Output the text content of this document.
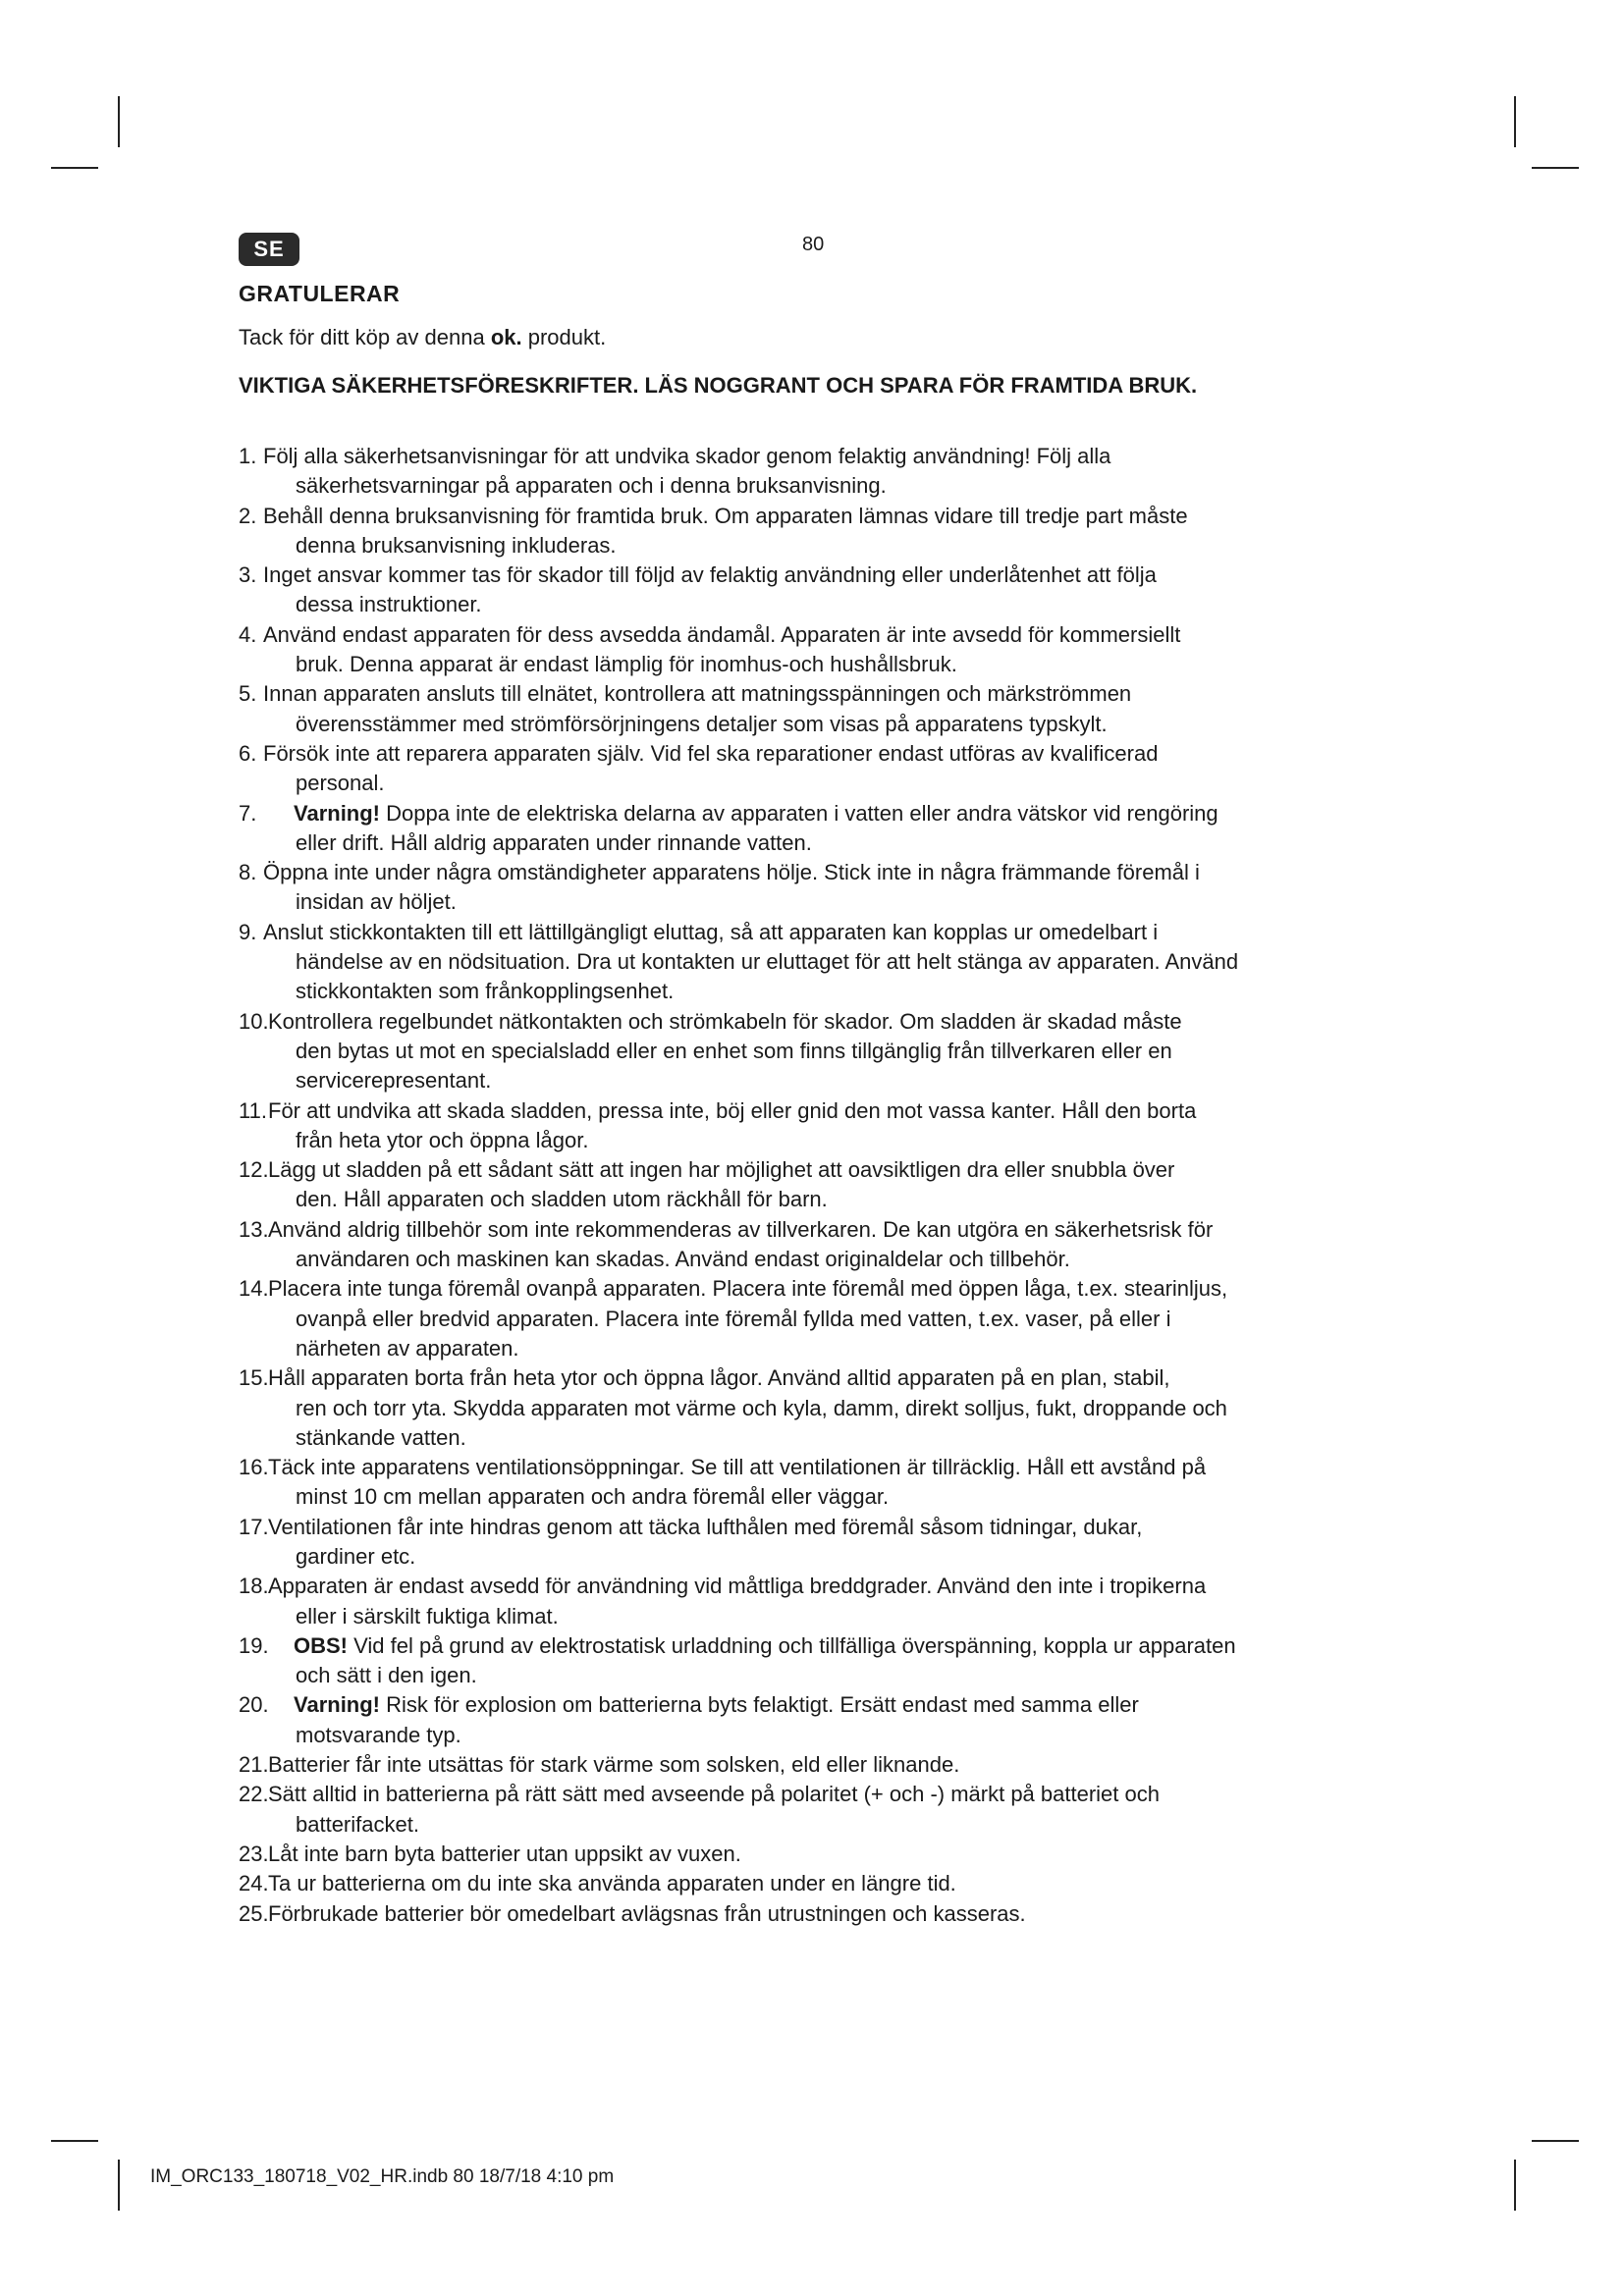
SE	80
GRATULERAR
Tack för ditt köp av denna ok. produkt.
VIKTIGA SÄKERHETSFÖRESKRIFTER. LÄS NOGGRANT OCH SPARA FÖR FRAMTIDA BRUK.
1. Följ alla säkerhetsanvisningar för att undvika skador genom felaktig användning! Följ alla
säkerhetsvarningar på apparaten och i denna bruksanvisning.
2. Behåll denna bruksanvisning för framtida bruk. Om apparaten lämnas vidare till tredje part måste
denna bruksanvisning inkluderas.
3. Inget ansvar kommer tas för skador till följd av felaktig användning eller underlåtenhet att följa
dessa instruktioner.
4. Använd endast apparaten för dess avsedda ändamål. Apparaten är inte avsedd för kommersiellt
bruk. Denna apparat är endast lämplig för inomhus-och hushållsbruk.
5. Innan apparaten ansluts till elnätet, kontrollera att matningsspänningen och märkströmmen
överensstämmer med strömförsörjningens detaljer som visas på apparatens typskylt.
6. Försök inte att reparera apparaten själv. Vid fel ska reparationer endast utföras av kvalificerad
personal.
7. Varning! Doppa inte de elektriska delarna av apparaten i vatten eller andra vätskor vid rengöring
eller drift. Håll aldrig apparaten under rinnande vatten.
8. Öppna inte under några omständigheter apparatens hölje. Stick inte in några främmande föremål i
insidan av höljet.
9. Anslut stickkontakten till ett lättillgängligt eluttag, så att apparaten kan kopplas ur omedelbart i
händelse av en nödsituation. Dra ut kontakten ur eluttaget för att helt stänga av apparaten. Använd
stickkontakten som frånkopplingsenhet.
10. Kontrollera regelbundet nätkontakten och strömkabeln för skador. Om sladden är skadad måste
den bytas ut mot en specialsladd eller en enhet som finns tillgänglig från tillverkaren eller en
servicerepresentant.
11. För att undvika att skada sladden, pressa inte, böj eller gnid den mot vassa kanter. Håll den borta
från heta ytor och öppna lågor.
12. Lägg ut sladden på ett sådant sätt att ingen har möjlighet att oavsiktligen dra eller snubbla över
den. Håll apparaten och sladden utom räckhåll för barn.
13. Använd aldrig tillbehör som inte rekommenderas av tillverkaren. De kan utgöra en säkerhetsrisk för
användaren och maskinen kan skadas. Använd endast originaldelar och tillbehör.
14. Placera inte tunga föremål ovanpå apparaten. Placera inte föremål med öppen låga, t.ex. stearinljus,
ovanpå eller bredvid apparaten. Placera inte föremål fyllda med vatten, t.ex. vaser, på eller i
närheten av apparaten.
15. Håll apparaten borta från heta ytor och öppna lågor. Använd alltid apparaten på en plan, stabil,
ren och torr yta. Skydda apparaten mot värme och kyla, damm, direkt solljus, fukt, droppande och
stänkande vatten.
16. Täck inte apparatens ventilationsöppningar. Se till att ventilationen är tillräcklig. Håll ett avstånd på
minst 10 cm mellan apparaten och andra föremål eller väggar.
17. Ventilationen får inte hindras genom att täcka lufthålen med föremål såsom tidningar, dukar,
gardiner etc.
18. Apparaten är endast avsedd för användning vid måttliga breddgrader. Använd den inte i tropikerna
eller i särskilt fuktiga klimat.
19. OBS! Vid fel på grund av elektrostatisk urladdning och tillfälliga överspänning, koppla ur apparaten
och sätt i den igen.
20. Varning! Risk för explosion om batterierna byts felaktigt. Ersätt endast med samma eller
motsvarande typ.
21. Batterier får inte utsättas för stark värme som solsken, eld eller liknande.
22. Sätt alltid in batterierna på rätt sätt med avseende på polaritet (+ och -) märkt på batteriet och
batterifacket.
23. Låt inte barn byta batterier utan uppsikt av vuxen.
24. Ta ur batterierna om du inte ska använda apparaten under en längre tid.
25. Förbrukade batterier bör omedelbart avlägsnas från utrustningen och kasseras.
IM_ORC133_180718_V02_HR.indb 80 18/7/18 4:10 pm
